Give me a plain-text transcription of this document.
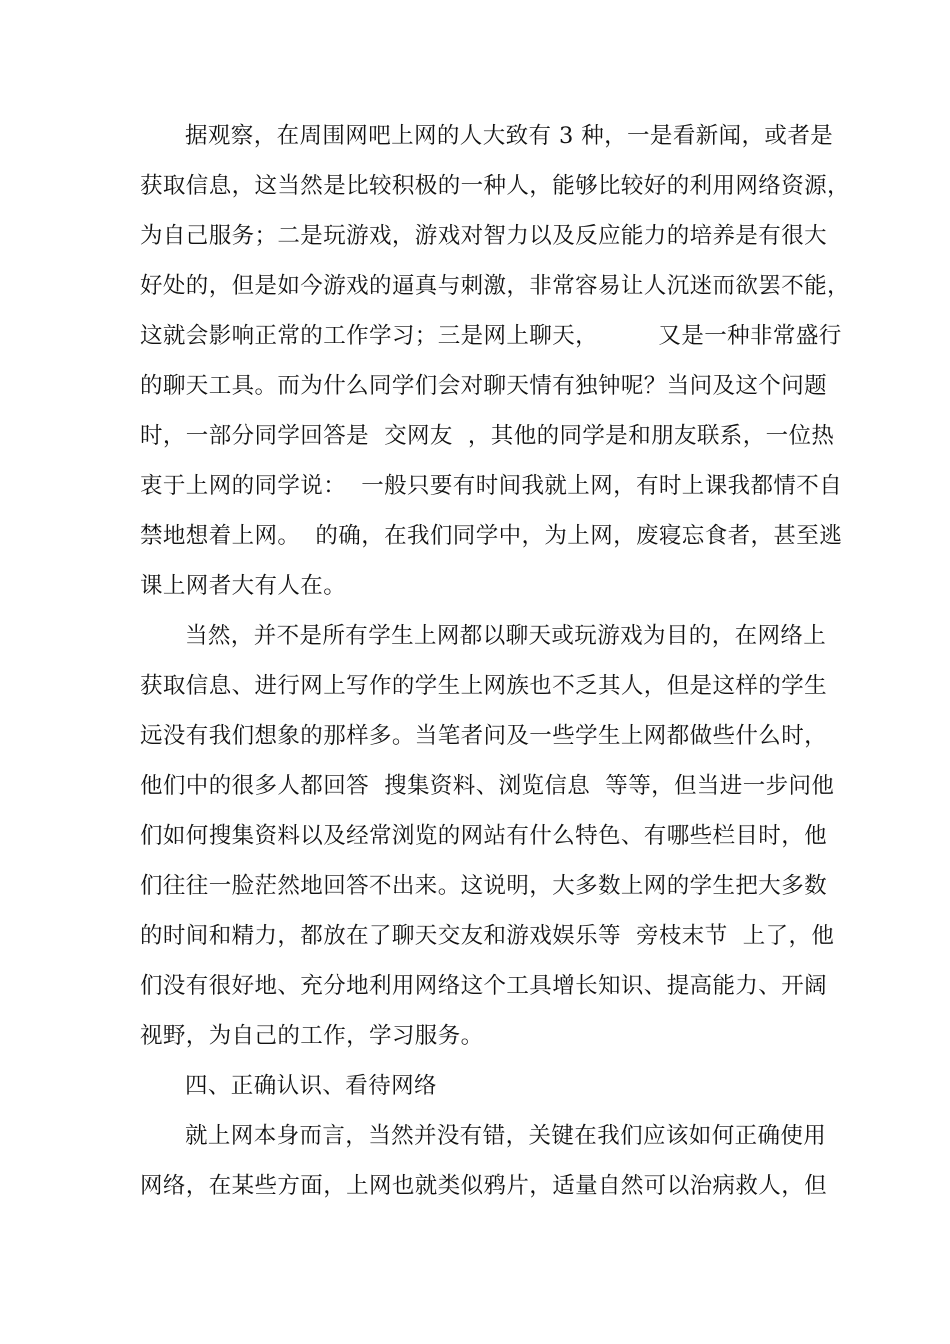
据观察，在周围网吧上网的人大致有 3 种，一是看新闻，或者是
获取信息，这当然是比较积极的一种人，能够比较好的利用网络资源，
为自己服务；二是玩游戏，游戏对智力以及反应能力的培养是有很大
好处的，但是如今游戏的逼真与刺激，非常容易让人沉迷而欲罢不能，
这就会影响正常的工作学习；三是网上聊天，        又是一种非常盛行
的聊天工具。而为什么同学们会对聊天情有独钟呢？当问及这个问题
时，一部分同学回答是  交网友  ，其他的同学是和朋友联系，一位热
衷于上网的同学说：  一般只要有时间我就上网，有时上课我都情不自
禁地想着上网。  的确，在我们同学中，为上网，废寝忘食者，甚至逃
课上网者大有人在。
当然，并不是所有学生上网都以聊天或玩游戏为目的，在网络上
获取信息、进行网上写作的学生上网族也不乏其人，但是这样的学生
远没有我们想象的那样多。当笔者问及一些学生上网都做些什么时，
他们中的很多人都回答  搜集资料、浏览信息  等等，但当进一步问他
们如何搜集资料以及经常浏览的网站有什么特色、有哪些栏目时，他
们往往一脸茫然地回答不出来。这说明，大多数上网的学生把大多数
的时间和精力，都放在了聊天交友和游戏娱乐等  旁枝末节  上了，他
们没有很好地、充分地利用网络这个工具增长知识、提高能力、开阔
视野，为自己的工作，学习服务。
四、正确认识、看待网络
就上网本身而言，当然并没有错，关键在我们应该如何正确使用
网络，在某些方面，上网也就类似鸦片，适量自然可以治病救人，但
